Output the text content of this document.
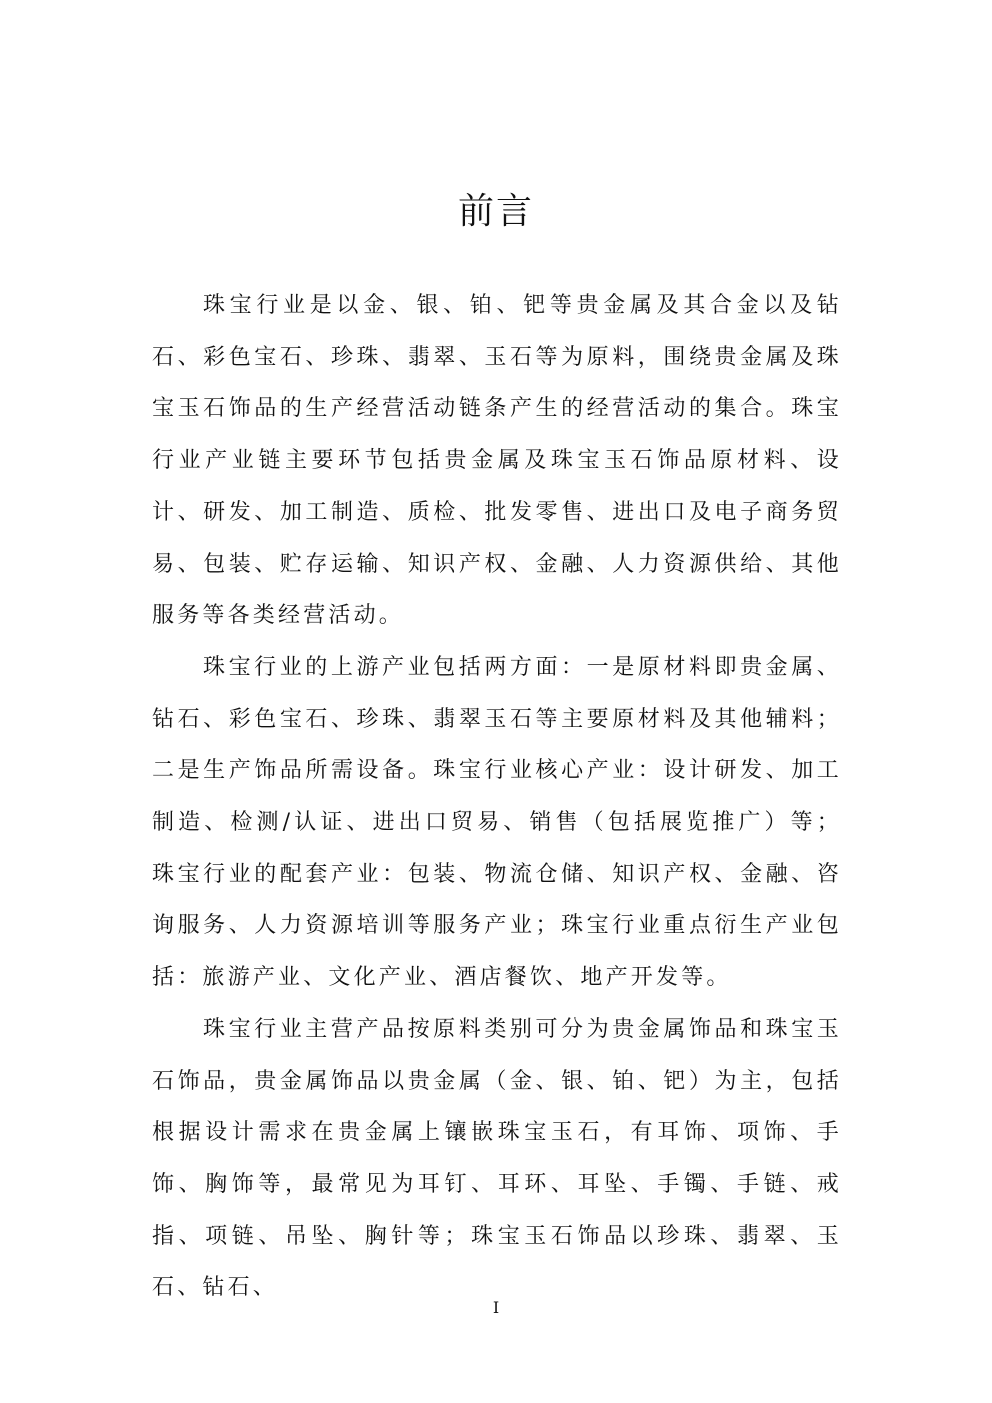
前言

珠宝行业是以金、银、铂、钯等贵金属及其合金以及钻石、彩色宝石、珍珠、翡翠、玉石等为原料，围绕贵金属及珠宝玉石饰品的生产经营活动链条产生的经营活动的集合。珠宝行业产业链主要环节包括贵金属及珠宝玉石饰品原材料、设计、研发、加工制造、质检、批发零售、进出口及电子商务贸易、包装、贮存运输、知识产权、金融、人力资源供给、其他服务等各类经营活动。

珠宝行业的上游产业包括两方面：一是原材料即贵金属、钻石、彩色宝石、珍珠、翡翠玉石等主要原材料及其他辅料；二是生产饰品所需设备。珠宝行业核心产业：设计研发、加工制造、检测/认证、进出口贸易、销售（包括展览推广）等；珠宝行业的配套产业：包装、物流仓储、知识产权、金融、咨询服务、人力资源培训等服务产业；珠宝行业重点衍生产业包括：旅游产业、文化产业、酒店餐饮、地产开发等。

珠宝行业主营产品按原料类别可分为贵金属饰品和珠宝玉石饰品，贵金属饰品以贵金属（金、银、铂、钯）为主，包括根据设计需求在贵金属上镶嵌珠宝玉石，有耳饰、项饰、手饰、胸饰等，最常见为耳钉、耳环、耳坠、手镯、手链、戒指、项链、吊坠、胸针等；珠宝玉石饰品以珍珠、翡翠、玉石、钻石、

I
